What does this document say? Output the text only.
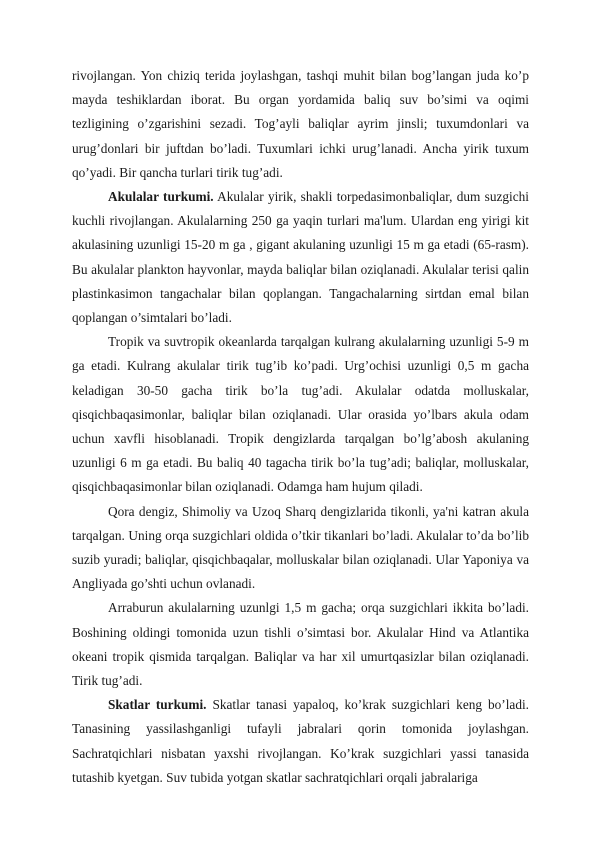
rivojlangan. Yon chiziq terida joylashgan, tashqi muhit bilan bog’langan juda ko’p mayda teshiklardan iborat. Bu organ yordamida baliq suv bo’simi va oqimi tezligining o’zgarishini sezadi. Tog’ayli baliqlar ayrim jinsli; tuxumdonlari va urug’donlari bir juftdan bo’ladi. Tuxumlari ichki urug’lanadi. Ancha yirik tuxum qo’yadi. Bir qancha turlari tirik tug’adi.

Akulalar turkumi. Akulalar yirik, shakli torpedasimonbaliqlar, dum suzgichi kuchli rivojlangan. Akulalarning 250 ga yaqin turlari ma'lum. Ulardan eng yirigi kit akulasining uzunligi 15-20 m ga , gigant akulaning uzunligi 15 m ga etadi (65-rasm). Bu akulalar plankton hayvonlar, mayda baliqlar bilan oziqlanadi. Akulalar terisi qalin plastinkasimon tangachalar bilan qoplangan. Tangachalarning sirtdan emal bilan qoplangan o’simtalari bo’ladi.

Tropik va suvtropik okeanlarda tarqalgan kulrang akulalarning uzunligi 5-9 m ga etadi. Kulrang akulalar tirik tug’ib ko’padi. Urg’ochisi uzunligi 0,5 m gacha keladigan 30-50 gacha tirik bo’la tug’adi. Akulalar odatda molluskalar, qisqichbaqasimonlar, baliqlar bilan oziqlanadi. Ular orasida yo’lbars akula odam uchun xavfli hisoblanadi. Tropik dengizlarda tarqalgan bo’lg’abosh akulaning uzunligi 6 m ga etadi. Bu baliq 40 tagacha tirik bo’la tug’adi; baliqlar, molluskalar, qisqichbaqasimonlar bilan oziqlanadi. Odamga ham hujum qiladi.

Qora dengiz, Shimoliy va Uzoq Sharq dengizlarida tikonli, ya'ni katran akula tarqalgan. Uning orqa suzgichlari oldida o’tkir tikanlari bo’ladi. Akulalar to’da bo’lib suzib yuradi; baliqlar, qisqichbaqalar, molluskalar bilan oziqlanadi. Ular Yaponiya va Angliyada go’shti uchun ovlanadi.

Arraburun akulalarning uzunlgi 1,5 m gacha; orqa suzgichlari ikkita bo’ladi. Boshining oldingi tomonida uzun tishli o’simtasi bor. Akulalar Hind va Atlantika okeani tropik qismida tarqalgan. Baliqlar va har xil umurtqasizlar bilan oziqlanadi. Tirik tug’adi.

Skatlar turkumi. Skatlar tanasi yapaloq, ko’krak suzgichlari keng bo’ladi. Tanasining yassilashganligi tufayli jabralari qorin tomonida joylashgan. Sachratqichlari nisbatan yaxshi rivojlangan. Ko’krak suzgichlari yassi tanasida tutashib kyetgan. Suv tubida yotgan skatlar sachratqichlari orqali jabralariga
